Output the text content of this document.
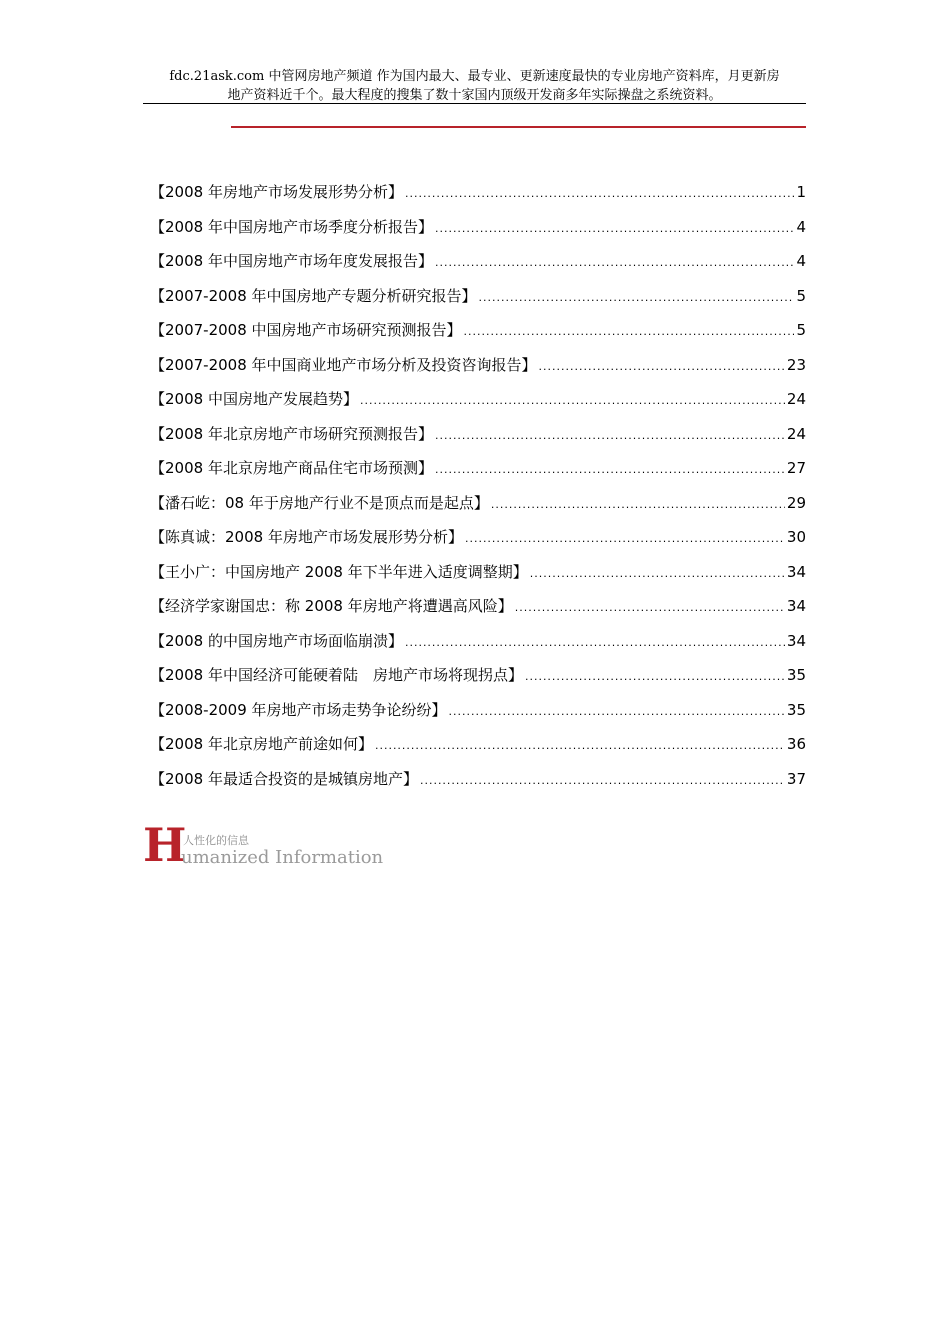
fdc.21ask.com 中管网房地产频道 作为国内最大、最专业、更新速度最快的专业房地产资料库，月更新房
地产资料近千个。最大程度的搜集了数十家国内顶级开发商多年实际操盘之系统资料。
【2008 年房地产市场发展形势分析】 .....	1
【2008 年中国房地产市场季度分析报告】 .....	4
【2008 年中国房地产市场年度发展报告】 .....	4
【2007-2008 年中国房地产专题分析研究报告】 .....	5
【2007-2008 中国房地产市场研究预测报告】 .....	5
【2007-2008 年中国商业地产市场分析及投资咨询报告】 .....	23
【2008 中国房地产发展趋势】 .....	24
【2008 年北京房地产市场研究预测报告】 .....	24
【2008 年北京房地产商品住宅市场预测】 .....	27
【潘石屹：08 年于房地产行业不是顶点而是起点】 .....	29
【陈真诚：2008 年房地产市场发展形势分析】 .....	30
【王小广：中国房地产 2008 年下半年进入适度调整期】 .....	34
【经济学家谢国忠：称 2008 年房地产将遭遇高风险】 .....	34
【2008 的中国房地产市场面临崩溃】 .....	34
【2008 年中国经济可能硬着陆　房地产市场将现拐点】 .....	35
【2008-2009 年房地产市场走势争论纷纷】 .....	35
【2008 年北京房地产前途如何】 .....	36
【2008 年最适合投资的是城镇房地产】 .....	37
H
人性化的信息
umanized Information
